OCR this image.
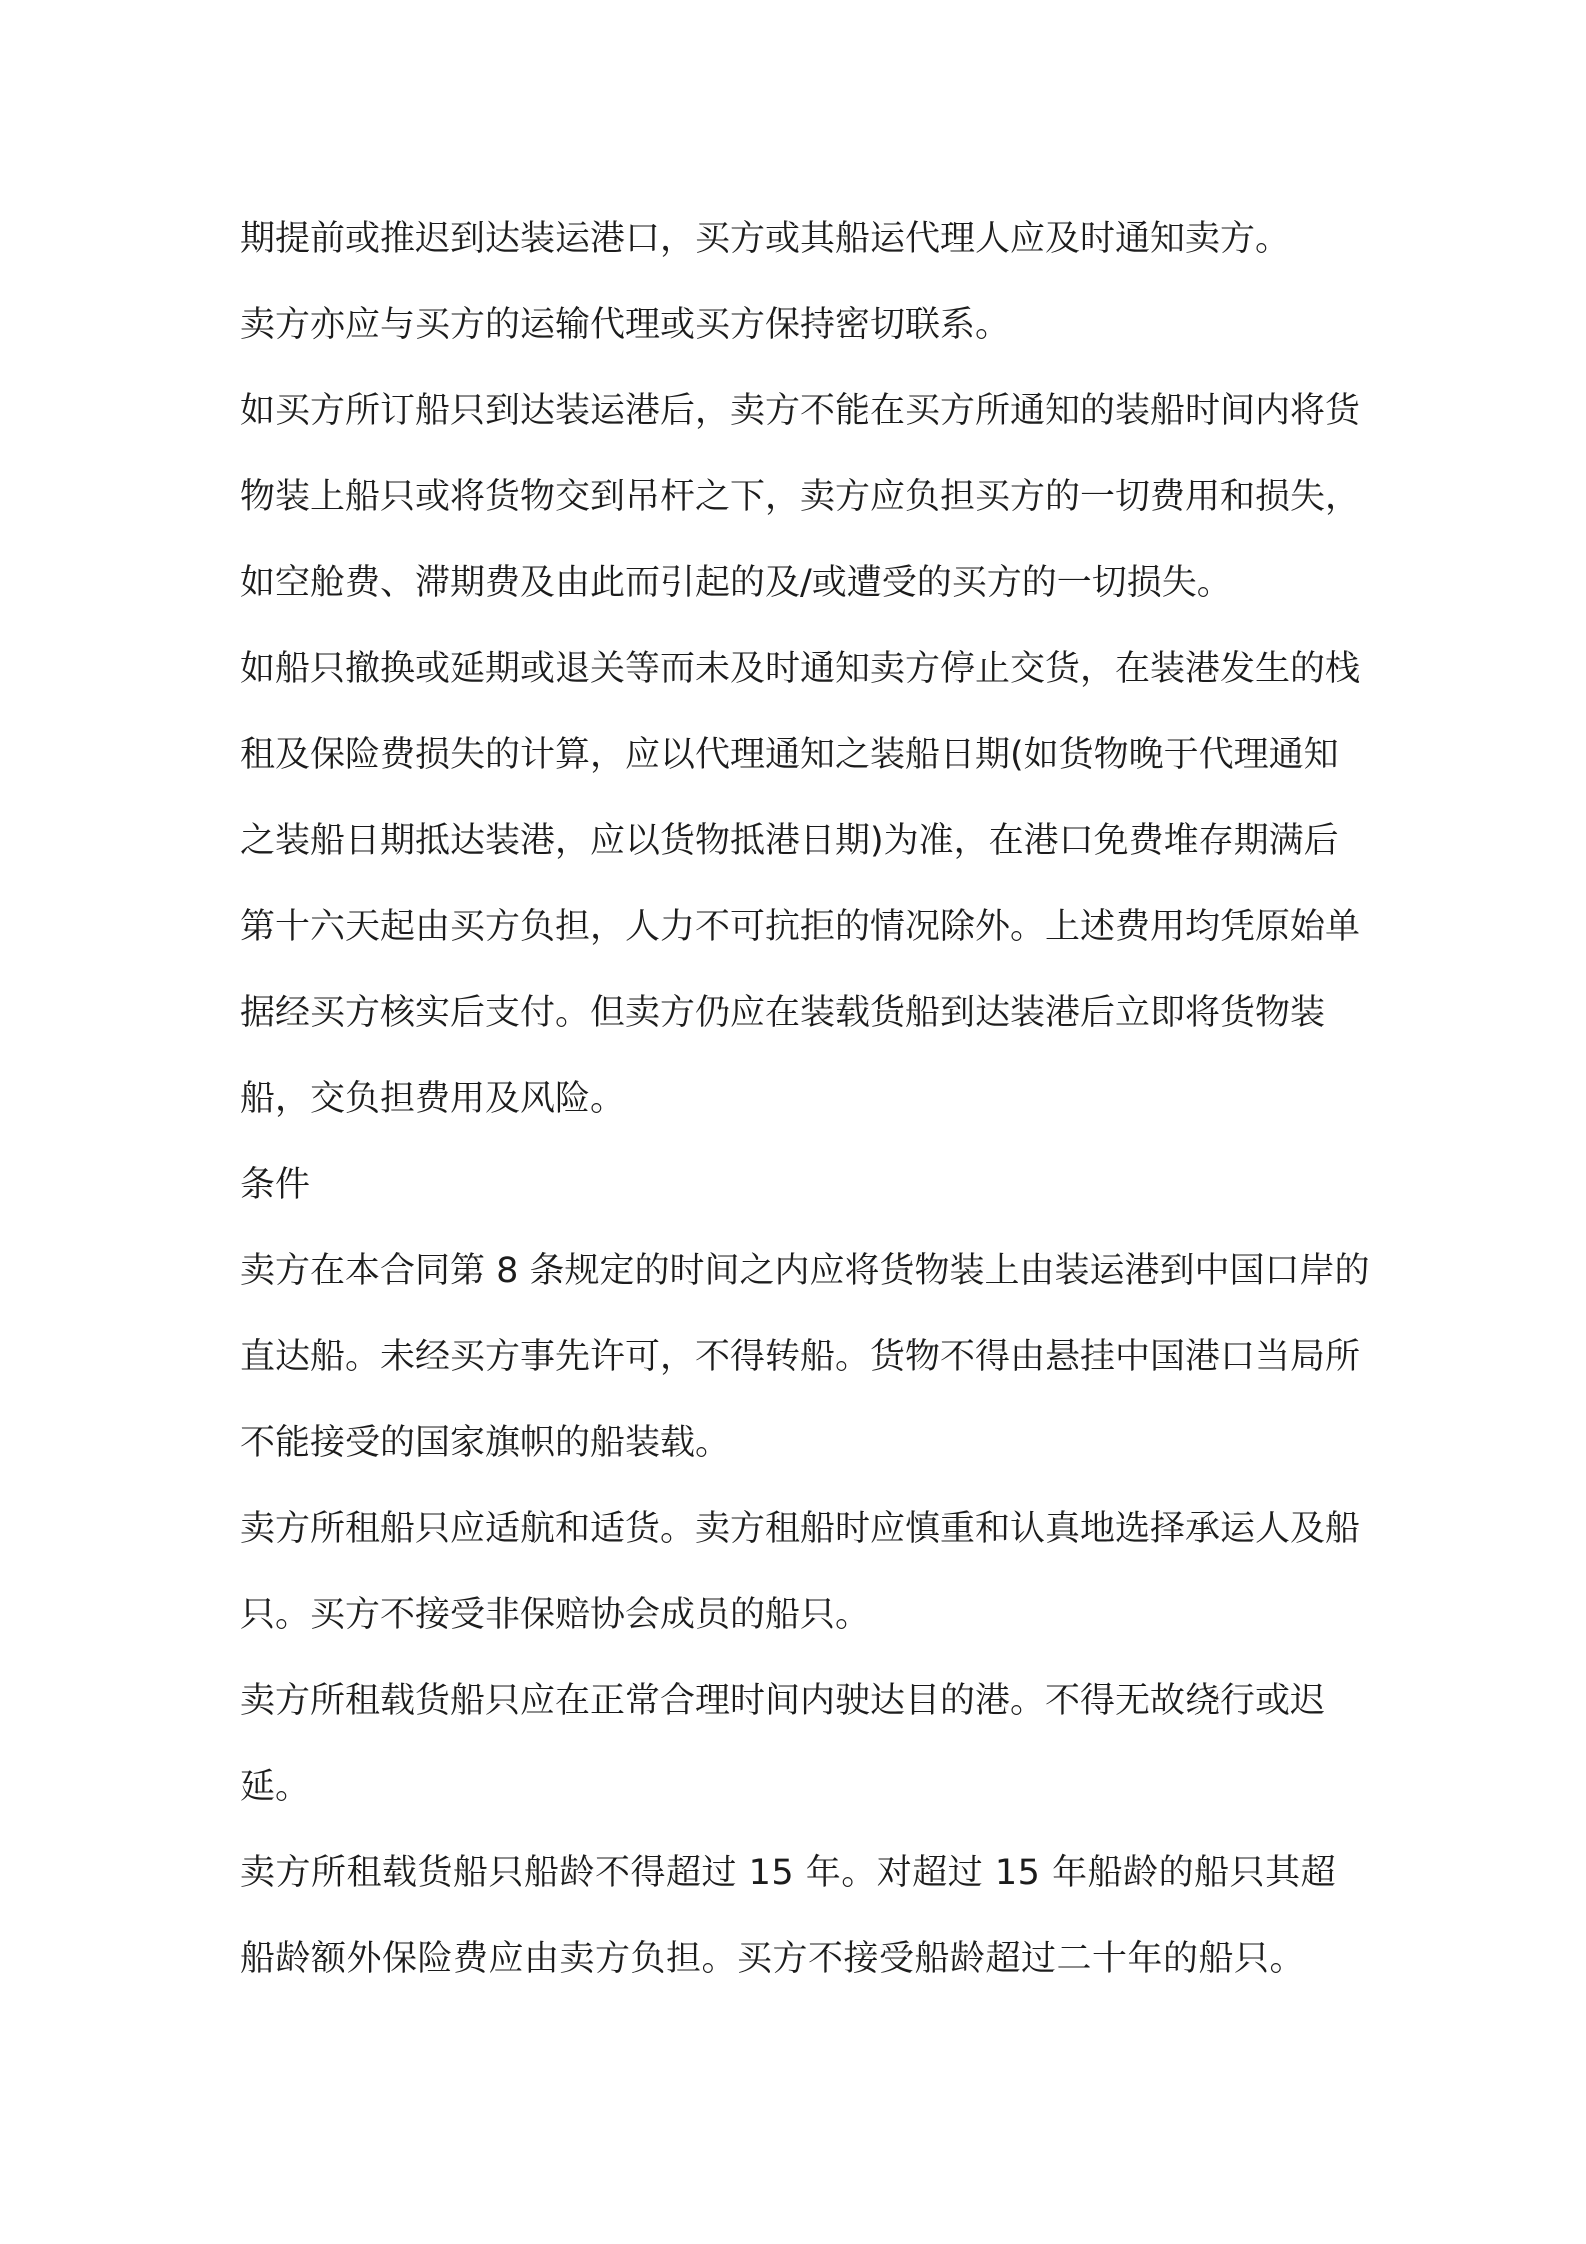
期提前或推迟到达装运港口，买方或其船运代理人应及时通知卖方。

卖方亦应与买方的运输代理或买方保持密切联系。

如买方所订船只到达装运港后，卖方不能在买方所通知的装船时间内将货物装上船只或将货物交到吊杆之下，卖方应负担买方的一切费用和损失，如空舱费、滞期费及由此而引起的及/或遭受的买方的一切损失。

如船只撤换或延期或退关等而未及时通知卖方停止交货，在装港发生的栈租及保险费损失的计算，应以代理通知之装船日期(如货物晚于代理通知之装船日期抵达装港，应以货物抵港日期)为准，在港口免费堆存期满后第十六天起由买方负担，人力不可抗拒的情况除外。上述费用均凭原始单据经买方核实后支付。但卖方仍应在装载货船到达装港后立即将货物装船，交负担费用及风险。

条件

卖方在本合同第 8 条规定的时间之内应将货物装上由装运港到中国口岸的直达船。未经买方事先许可，不得转船。货物不得由悬挂中国港口当局所不能接受的国家旗帜的船装载。

卖方所租船只应适航和适货。卖方租船时应慎重和认真地选择承运人及船只。买方不接受非保赔协会成员的船只。

卖方所租载货船只应在正常合理时间内驶达目的港。不得无故绕行或迟延。

卖方所租载货船只船龄不得超过 15 年。对超过 15 年船龄的船只其超船龄额外保险费应由卖方负担。买方不接受船龄超过二十年的船只。
